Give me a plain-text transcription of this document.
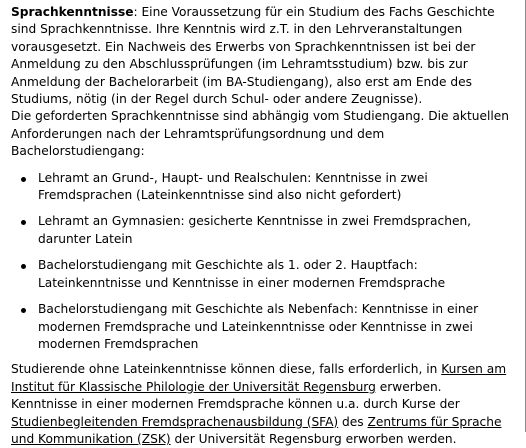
Sprachkenntnisse: Eine Voraussetzung für ein Studium des Fachs Geschichte sind Sprachkenntnisse. Ihre Kenntnis wird z.T. in den Lehrveranstaltungen vorausgesetzt. Ein Nachweis des Erwerbs von Sprachkenntnissen ist bei der Anmeldung zu den Abschlussprüfungen (im Lehramtsstudium) bzw. bis zur Anmeldung der Bachelorarbeit (im BA-Studiengang), also erst am Ende des Studiums, nötig (in der Regel durch Schul- oder andere Zeugnisse).

Die geforderten Sprachkenntnisse sind abhängig vom Studiengang. Die aktuellen Anforderungen nach der Lehramtsprüfungsordnung und dem Bachelorstudiengang:

Lehramt an Grund-, Haupt- und Realschulen: Kenntnisse in zwei Fremdsprachen (Lateinkenntnisse sind also nicht gefordert)
Lehramt an Gymnasien: gesicherte Kenntnisse in zwei Fremdsprachen, darunter Latein
Bachelorstudiengang mit Geschichte als 1. oder 2. Hauptfach: Lateinkenntnisse und Kenntnisse in einer modernen Fremdsprache
Bachelorstudiengang mit Geschichte als Nebenfach: Kenntnisse in einer modernen Fremdsprache und Lateinkenntnisse oder Kenntnisse in zwei modernen Fremdsprachen

Studierende ohne Lateinkenntnisse können diese, falls erforderlich, in Kursen am Institut für Klassische Philologie der Universität Regensburg erwerben.
Kenntnisse in einer modernen Fremdsprache können u.a. durch Kurse der Studienbegleitenden Fremdsprachenausbildung (SFA) des Zentrums für Sprache und Kommunikation (ZSK) der Universität Regensburg erworben werden.
